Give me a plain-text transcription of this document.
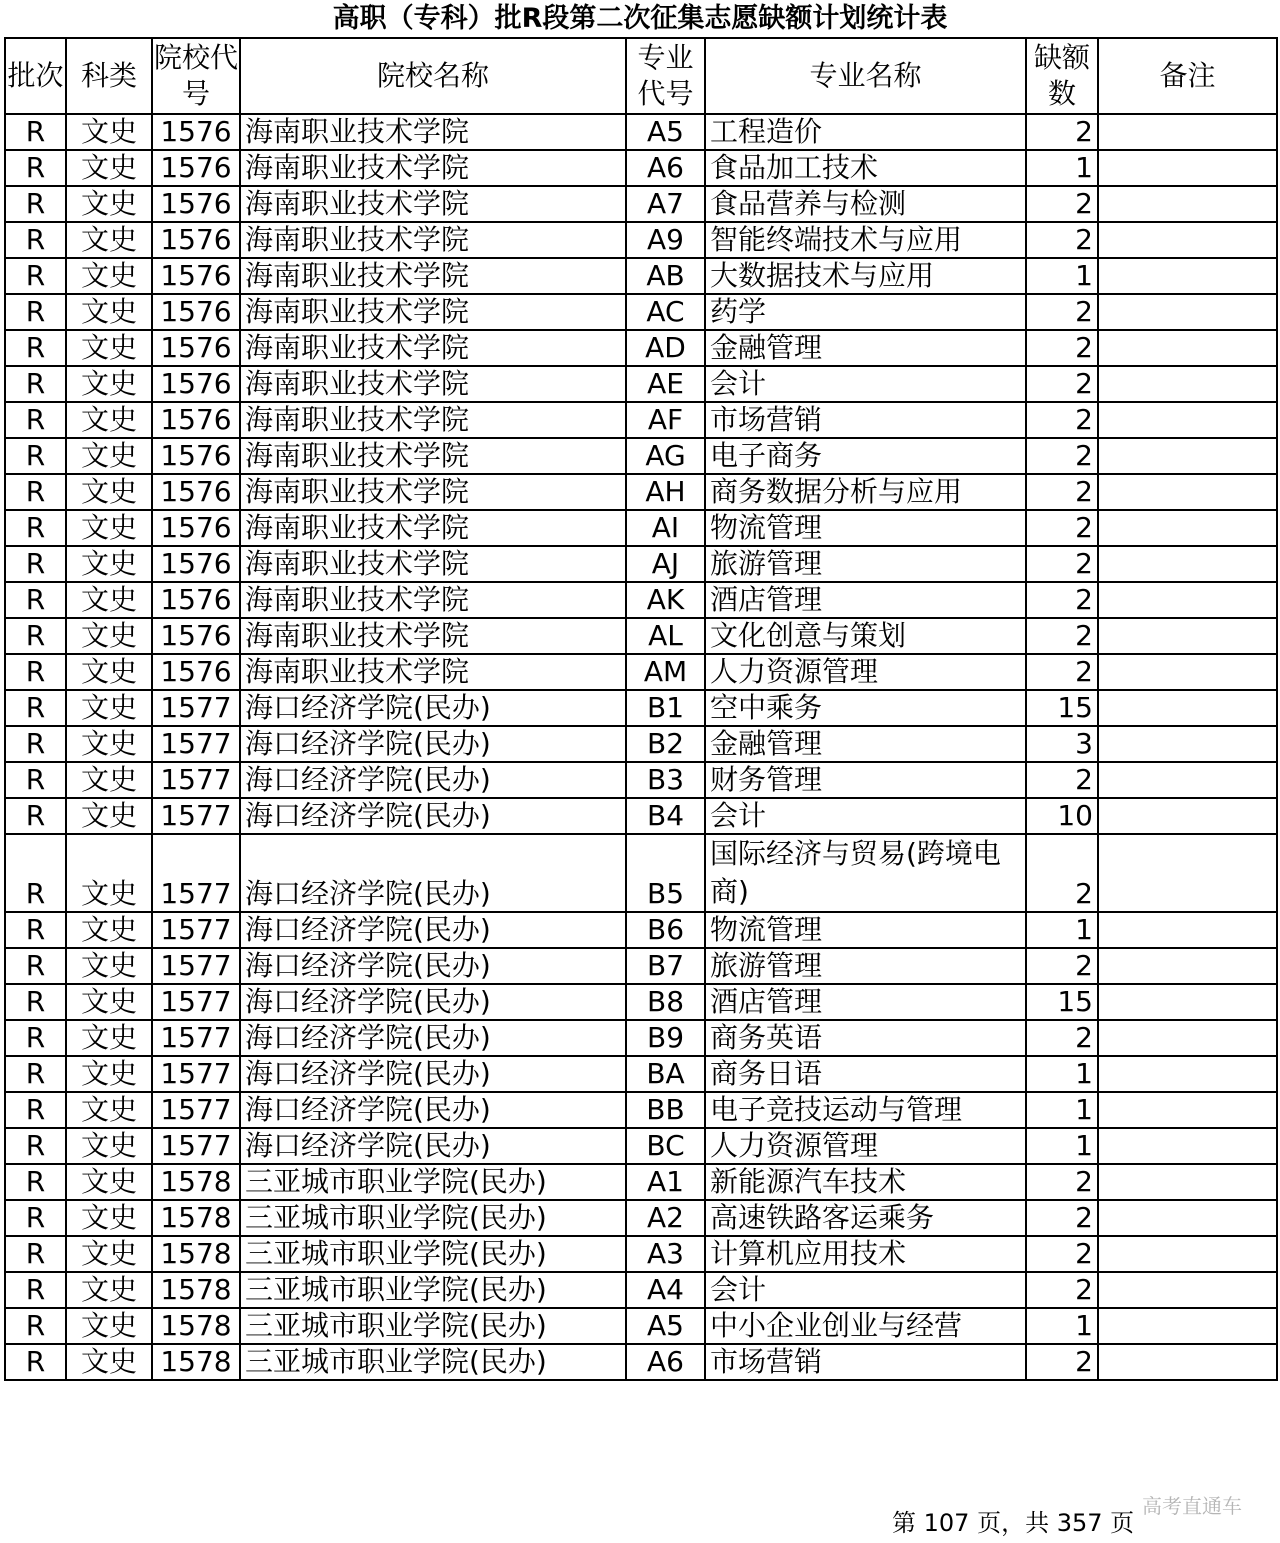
高职（专科）批R段第二次征集志愿缺额计划统计表
批次	科类	院校代号	院校名称	专业代号	专业名称	缺额数	备注
R	文史	1576	海南职业技术学院	A5	工程造价	2	
R	文史	1576	海南职业技术学院	A6	食品加工技术	1	
R	文史	1576	海南职业技术学院	A7	食品营养与检测	2	
R	文史	1576	海南职业技术学院	A9	智能终端技术与应用	2	
R	文史	1576	海南职业技术学院	AB	大数据技术与应用	1	
R	文史	1576	海南职业技术学院	AC	药学	2	
R	文史	1576	海南职业技术学院	AD	金融管理	2	
R	文史	1576	海南职业技术学院	AE	会计	2	
R	文史	1576	海南职业技术学院	AF	市场营销	2	
R	文史	1576	海南职业技术学院	AG	电子商务	2	
R	文史	1576	海南职业技术学院	AH	商务数据分析与应用	2	
R	文史	1576	海南职业技术学院	AI	物流管理	2	
R	文史	1576	海南职业技术学院	AJ	旅游管理	2	
R	文史	1576	海南职业技术学院	AK	酒店管理	2	
R	文史	1576	海南职业技术学院	AL	文化创意与策划	2	
R	文史	1576	海南职业技术学院	AM	人力资源管理	2	
R	文史	1577	海口经济学院(民办)	B1	空中乘务	15	
R	文史	1577	海口经济学院(民办)	B2	金融管理	3	
R	文史	1577	海口经济学院(民办)	B3	财务管理	2	
R	文史	1577	海口经济学院(民办)	B4	会计	10	
R	文史	1577	海口经济学院(民办)	B5	国际经济与贸易(跨境电商)	2	
R	文史	1577	海口经济学院(民办)	B6	物流管理	1	
R	文史	1577	海口经济学院(民办)	B7	旅游管理	2	
R	文史	1577	海口经济学院(民办)	B8	酒店管理	15	
R	文史	1577	海口经济学院(民办)	B9	商务英语	2	
R	文史	1577	海口经济学院(民办)	BA	商务日语	1	
R	文史	1577	海口经济学院(民办)	BB	电子竞技运动与管理	1	
R	文史	1577	海口经济学院(民办)	BC	人力资源管理	1	
R	文史	1578	三亚城市职业学院(民办)	A1	新能源汽车技术	2	
R	文史	1578	三亚城市职业学院(民办)	A2	高速铁路客运乘务	2	
R	文史	1578	三亚城市职业学院(民办)	A3	计算机应用技术	2	
R	文史	1578	三亚城市职业学院(民办)	A4	会计	2	
R	文史	1578	三亚城市职业学院(民办)	A5	中小企业创业与经营	1	
R	文史	1578	三亚城市职业学院(民办)	A6	市场营销	2	
高考直通车
第 107 页，共 357 页
